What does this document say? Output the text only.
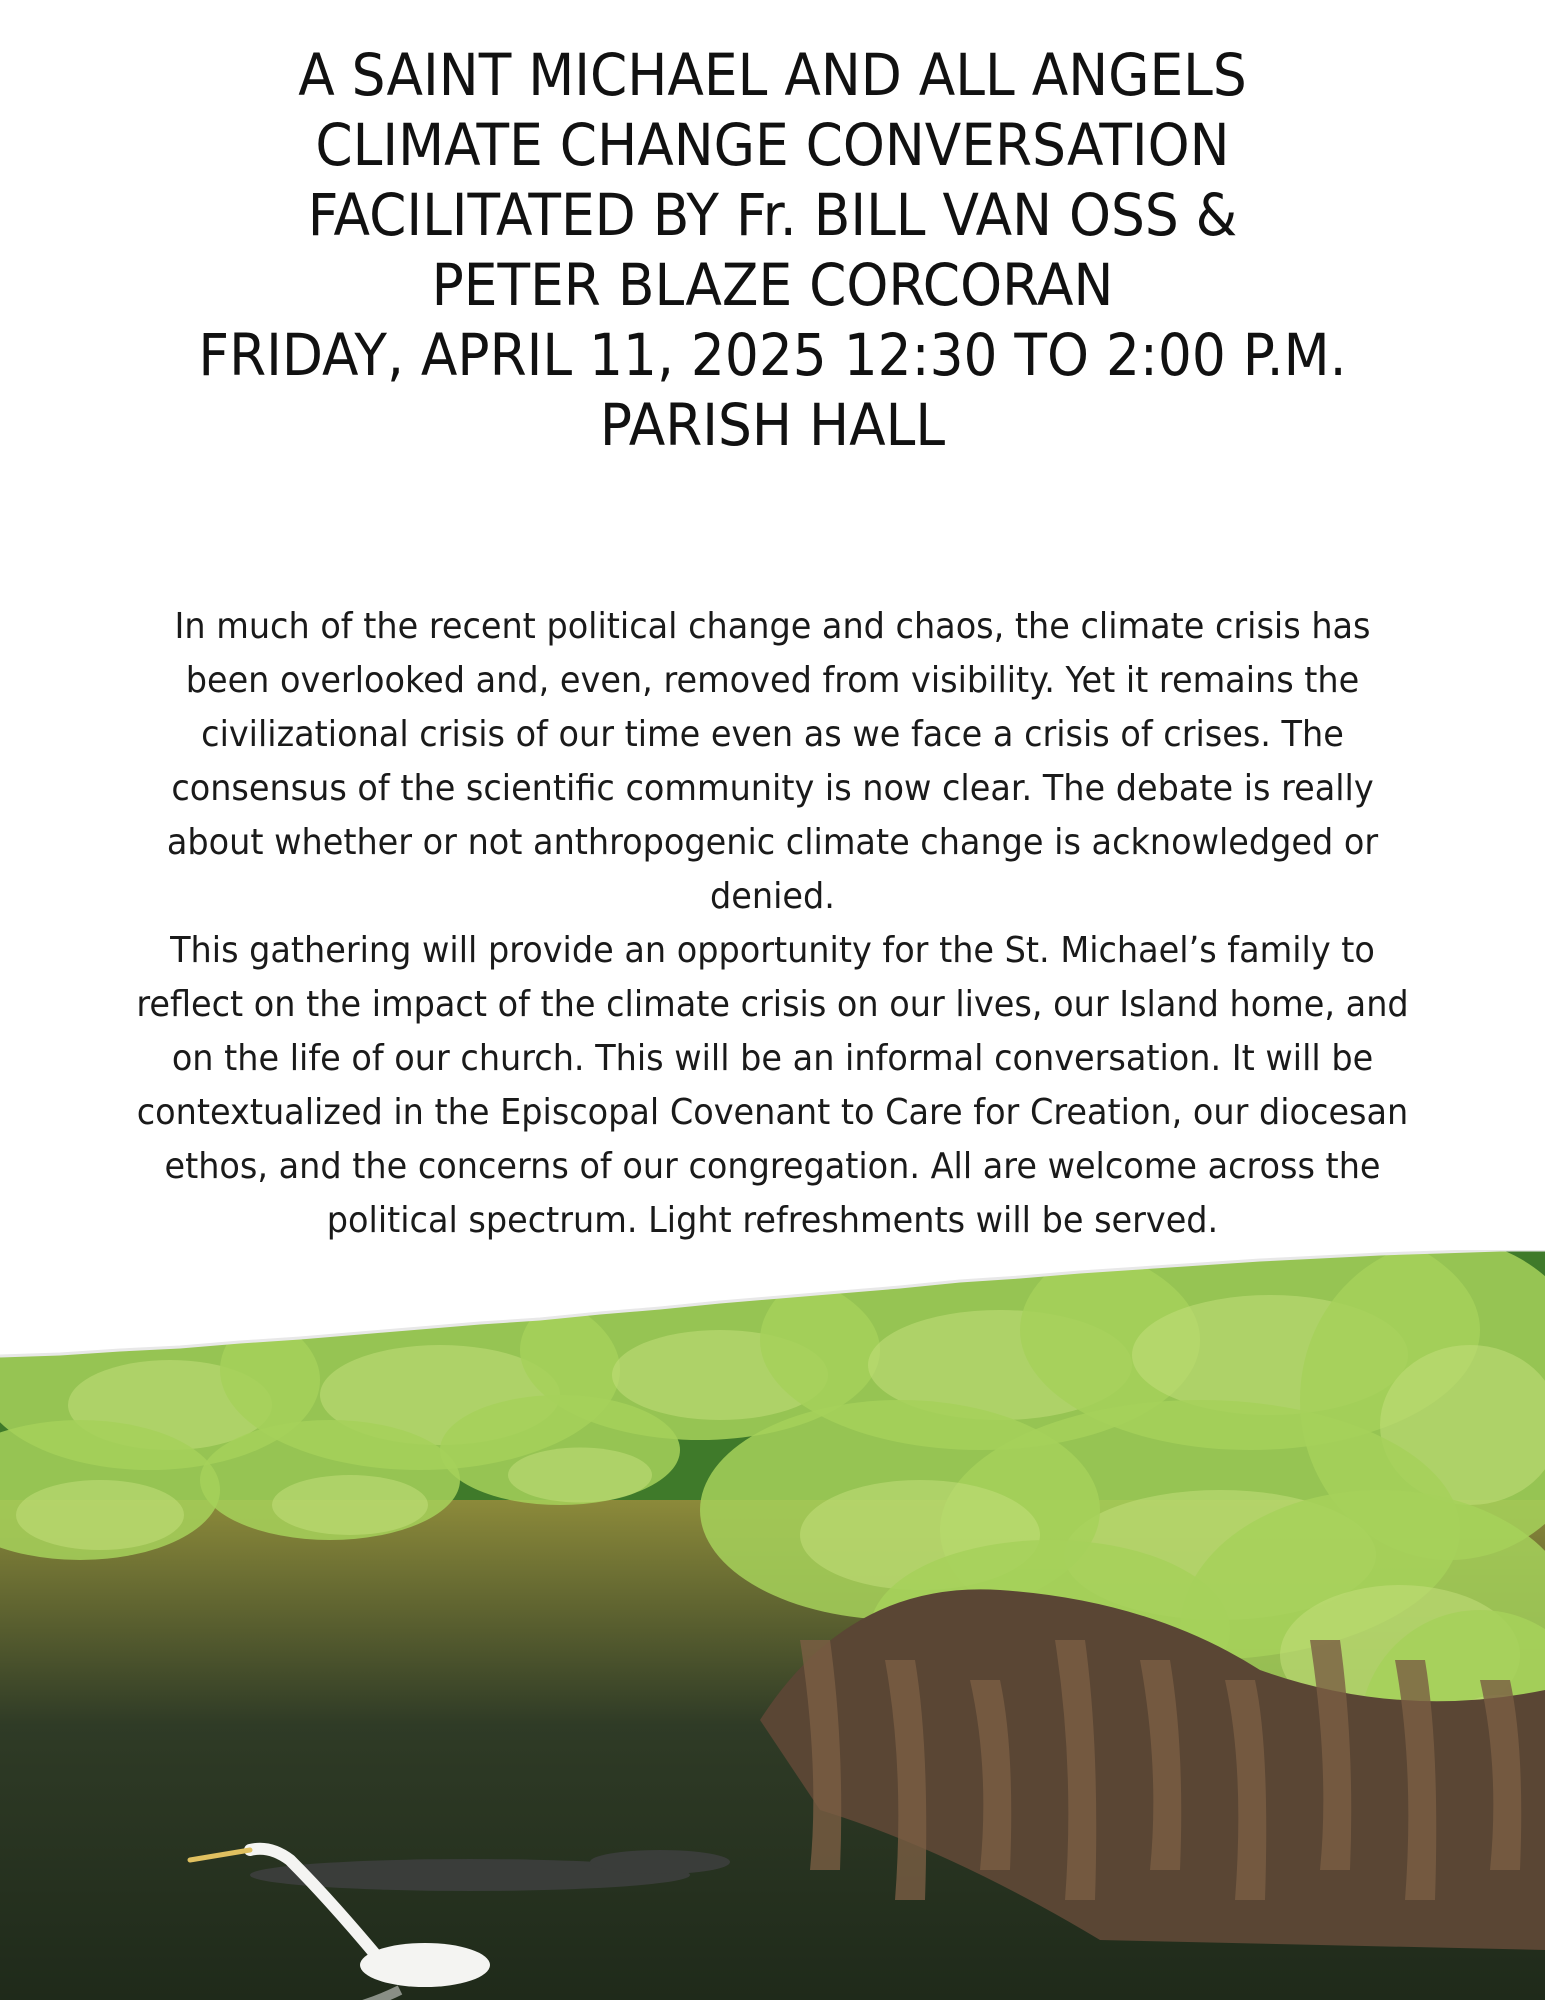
A SAINT MICHAEL AND ALL ANGELS
CLIMATE CHANGE CONVERSATION
FACILITATED BY Fr. BILL VAN OSS &
PETER BLAZE CORCORAN
FRIDAY, APRIL 11, 2025 12:30 TO 2:00 P.M.
PARISH HALL

In much of the recent political change and chaos, the climate crisis has
been overlooked and, even, removed from visibility. Yet it remains the
civilizational crisis of our time even as we face a crisis of crises. The
consensus of the scientific community is now clear. The debate is really
about whether or not anthropogenic climate change is acknowledged or
denied.

This gathering will provide an opportunity for the St. Michael’s family to
reflect on the impact of the climate crisis on our lives, our Island home, and
on the life of our church. This will be an informal conversation. It will be
contextualized in the Episcopal Covenant to Care for Creation, our diocesan
ethos, and the concerns of our congregation. All are welcome across the
political spectrum. Light refreshments will be served.
